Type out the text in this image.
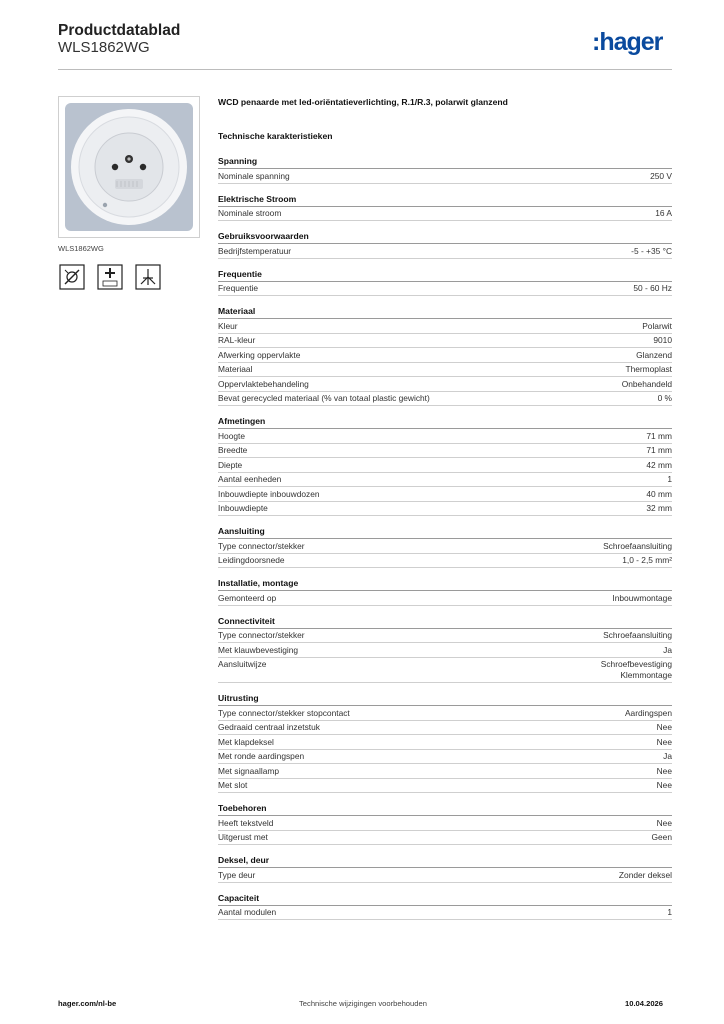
Productdatablad
WLS1862WG	:hager
WLS1862WG
WCD penaarde met led-oriëntatieverlichting, R.1/R.3, polarwit glanzend
Technische karakteristieken
Spanning
Nominale spanning	250 V
Elektrische Stroom
Nominale stroom	16 A
Gebruiksvoorwaarden
Bedrijfstemperatuur	-5 - +35 °C
Frequentie
Frequentie	50 - 60 Hz
Materiaal
Kleur	Polarwit
RAL-kleur	9010
Afwerking oppervlakte	Glanzend
Materiaal	Thermoplast
Oppervlaktebehandeling	Onbehandeld
Bevat gerecycled materiaal (% van totaal plastic gewicht)	0 %
Afmetingen
Hoogte	71 mm
Breedte	71 mm
Diepte	42 mm
Aantal eenheden	1
Inbouwdiepte inbouwdozen	40 mm
Inbouwdiepte	32 mm
Aansluiting
Type connector/stekker	Schroefaansluiting
Leidingdoorsnede	1,0 - 2,5 mm²
Installatie, montage
Gemonteerd op	Inbouwmontage
Connectiviteit
Type connector/stekker	Schroefaansluiting
Met klauwbevestiging	Ja
Aansluitwijze	Schroefbevestiging
Klemmontage
Uitrusting
Type connector/stekker stopcontact	Aardingspen
Gedraaid centraal inzetstuk	Nee
Met klapdeksel	Nee
Met ronde aardingspen	Ja
Met signaallamp	Nee
Met slot	Nee
Toebehoren
Heeft tekstveld	Nee
Uitgerust met	Geen
Deksel, deur
Type deur	Zonder deksel
Capaciteit
Aantal modulen	1
hager.com/nl-be	Technische wijzigingen voorbehouden	10.04.2026
